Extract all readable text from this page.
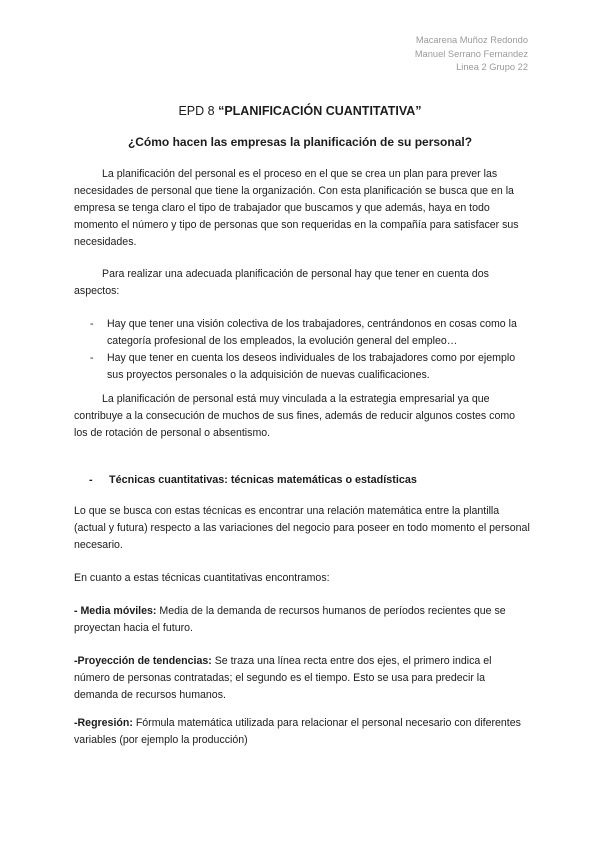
Macarena Muñoz Redondo
Manuel Serrano Fernandez
Linea 2 Grupo 22
EPD 8 “PLANIFICACIÓN CUANTITATIVA”
¿Cómo hacen las empresas la planificación de su personal?

La planificación del personal es el proceso en el que se crea un plan para prever las necesidades de personal que tiene la organización. Con esta planificación se busca que en la empresa se tenga claro el tipo de trabajador que buscamos y que además, haya en todo momento el número y tipo de personas que son requeridas en la compañía para satisfacer sus necesidades.

Para realizar una adecuada planificación de personal hay que tener en cuenta dos aspectos:

- Hay que tener una visión colectiva de los trabajadores, centrándonos en cosas como la categoría profesional de los empleados, la evolución general del empleo…
- Hay que tener en cuenta los deseos individuales de los trabajadores como por ejemplo sus proyectos personales o la adquisición de nuevas cualificaciones.

La planificación de personal está muy vinculada a la estrategia empresarial ya que contribuye a la consecución de muchos de sus fines, además de reducir algunos costes como los de rotación de personal o absentismo.

- Técnicas cuantitativas: técnicas matemáticas o estadísticas

Lo que se busca con estas técnicas es encontrar una relación matemática entre la plantilla (actual y futura) respecto a las variaciones del negocio para poseer en todo momento el personal necesario.

En cuanto a estas técnicas cuantitativas encontramos:

- Media móviles: Media de la demanda de recursos humanos de períodos recientes que se proyectan hacia el futuro.

-Proyección de tendencias: Se traza una línea recta entre dos ejes, el primero indica el número de personas contratadas; el segundo es el tiempo. Esto se usa para predecir la demanda de recursos humanos.

-Regresión: Fórmula matemática utilizada para relacionar el personal necesario con diferentes variables (por ejemplo la producción)
